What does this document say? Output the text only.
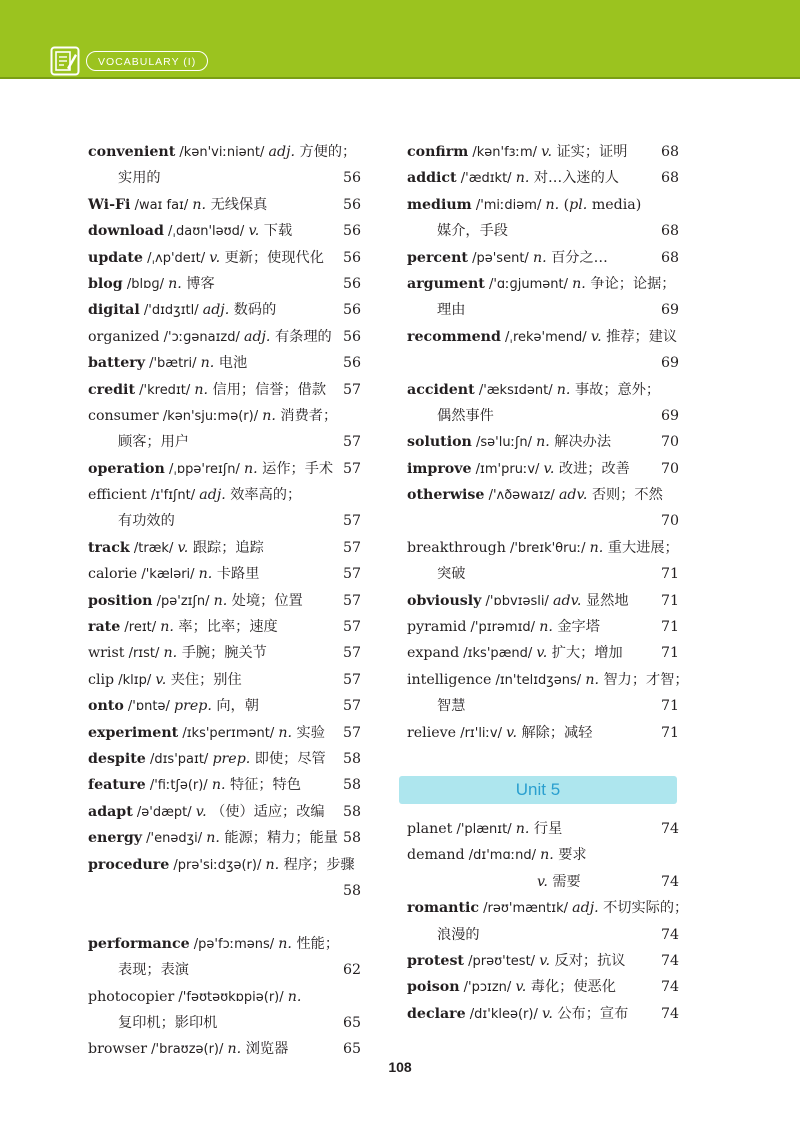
VOCABULARY (I)
convenient /kən'viːniənt/ adj. 方便的；
实用的	56
Wi-Fi /waɪ faɪ/ n. 无线保真	56
download /ˌdaʊn'ləʊd/ v. 下载	56
update /ˌʌp'deɪt/ v. 更新；使现代化 56
blog /blɒɡ/ n. 博客	56
digital /'dɪdʒɪtl/ adj. 数码的	56
organized /'ɔːɡənaɪzd/ adj. 有条理的 56
battery /'bætri/ n. 电池	56
credit /'kredɪt/ n. 信用；信誉；借款 57
consumer /kən'sjuːmə(r)/ n. 消费者；
顾客；用户	57
operation /ˌɒpə'reɪʃn/ n. 运作；手术 57
efficient /ɪ'fɪʃnt/ adj. 效率高的；
有功效的	57
track /træk/ v. 跟踪；追踪	57
calorie /'kæləri/ n. 卡路里	57
position /pə'zɪʃn/ n. 处境；位置	57
rate /reɪt/ n. 率；比率；速度	57
wrist /rɪst/ n. 手腕；腕关节	57
clip /klɪp/ v. 夹住；别住	57
onto /'ɒntə/ prep. 向，朝	57
experiment /ɪks'perɪmənt/ n. 实验 57
despite /dɪs'paɪt/ prep. 即使；尽管 58
feature /'fiːtʃə(r)/ n. 特征；特色	58
adapt /ə'dæpt/ v. （使）适应；改编 58
energy /'enədʒi/ n. 能源；精力；能量 58
procedure /prə'siːdʒə(r)/ n. 程序；步骤
58
performance /pə'fɔːməns/ n. 性能；
表现；表演	62
photocopier /'fəʊtəʊkɒpiə(r)/ n.
复印机；影印机	65
browser /'braʊzə(r)/ n. 浏览器	65
confirm /kən'fɜːm/ v. 证实；证明 68
addict /'ædɪkt/ n. 对…入迷的人	68
medium /'miːdiəm/ n. (pl. media)
媒介，手段	68
percent /pə'sent/ n. 百分之…	68
argument /'ɑːɡjumənt/ n. 争论；论据；
理由	69
recommend /ˌrekə'mend/ v. 推荐；建议
69
accident /'æksɪdənt/ n. 事故；意外；
偶然事件	69
solution /sə'luːʃn/ n. 解决办法	70
improve /ɪm'pruːv/ v. 改进；改善 70
otherwise /'ʌðəwaɪz/ adv. 否则；不然
70
breakthrough /'breɪk'θruː/ n. 重大进展；
突破	71
obviously /'ɒbvɪəsli/ adv. 显然地 71
pyramid /'pɪrəmɪd/ n. 金字塔	71
expand /ɪks'pænd/ v. 扩大；增加	71
intelligence /ɪn'telɪdʒəns/ n. 智力；才智；
智慧	71
relieve /rɪ'liːv/ v. 解除；减轻	71
Unit 5
planet /'plænɪt/ n. 行星	74
demand /dɪ'mɑːnd/ n. 要求
v. 需要	74
romantic /rəʊ'mæntɪk/ adj. 不切实际的；
浪漫的	74
protest /prəʊ'test/ v. 反对；抗议 74
poison /'pɔɪzn/ v. 毒化；使恶化	74
declare /dɪ'kleə(r)/ v. 公布；宣布 74
108
